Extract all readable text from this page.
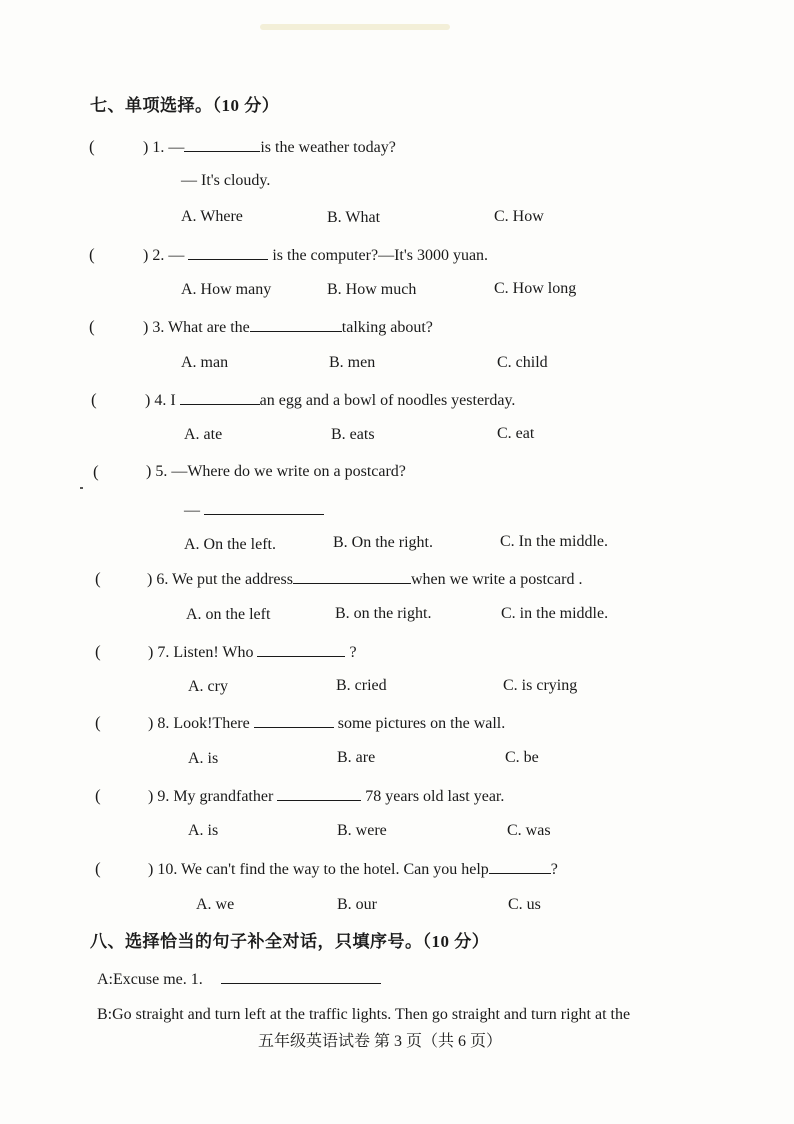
七、单项选择。（10 分）
(	) 1. —	is the weather today?
— It's cloudy.
A. Where	B. What	C. How
(	) 2. —	is the computer?—It's 3000 yuan.
A. How many	B. How much	C. How long
(	) 3. What are the	talking about?
A. man	B. men	C. child
(	) 4. I	an egg and a bowl of noodles yesterday.
A. ate	B. eats	C. eat
(	) 5. —Where do we write on a postcard?
—
A. On the left.	B. On the right.	C. In the middle.
(	) 6. We put the address	when we write a postcard .
A. on the left	B. on the right.	C. in the middle.
(	) 7. Listen! Who	?
A. cry	B. cried	C. is crying
(	) 8. Look!There	some pictures on the wall.
A. is	B. are	C. be
(	) 9. My grandfather	78 years old last year.
A. is	B. were	C. was
(	) 10. We can't find the way to the hotel. Can you help	?
A. we	B. our	C. us
八、选择恰当的句子补全对话，只填序号。（10 分）
A:Excuse me. 1.
B:Go straight and turn left at the traffic lights. Then go straight and turn right at the
五年级英语试卷 第 3 页（共 6 页）
